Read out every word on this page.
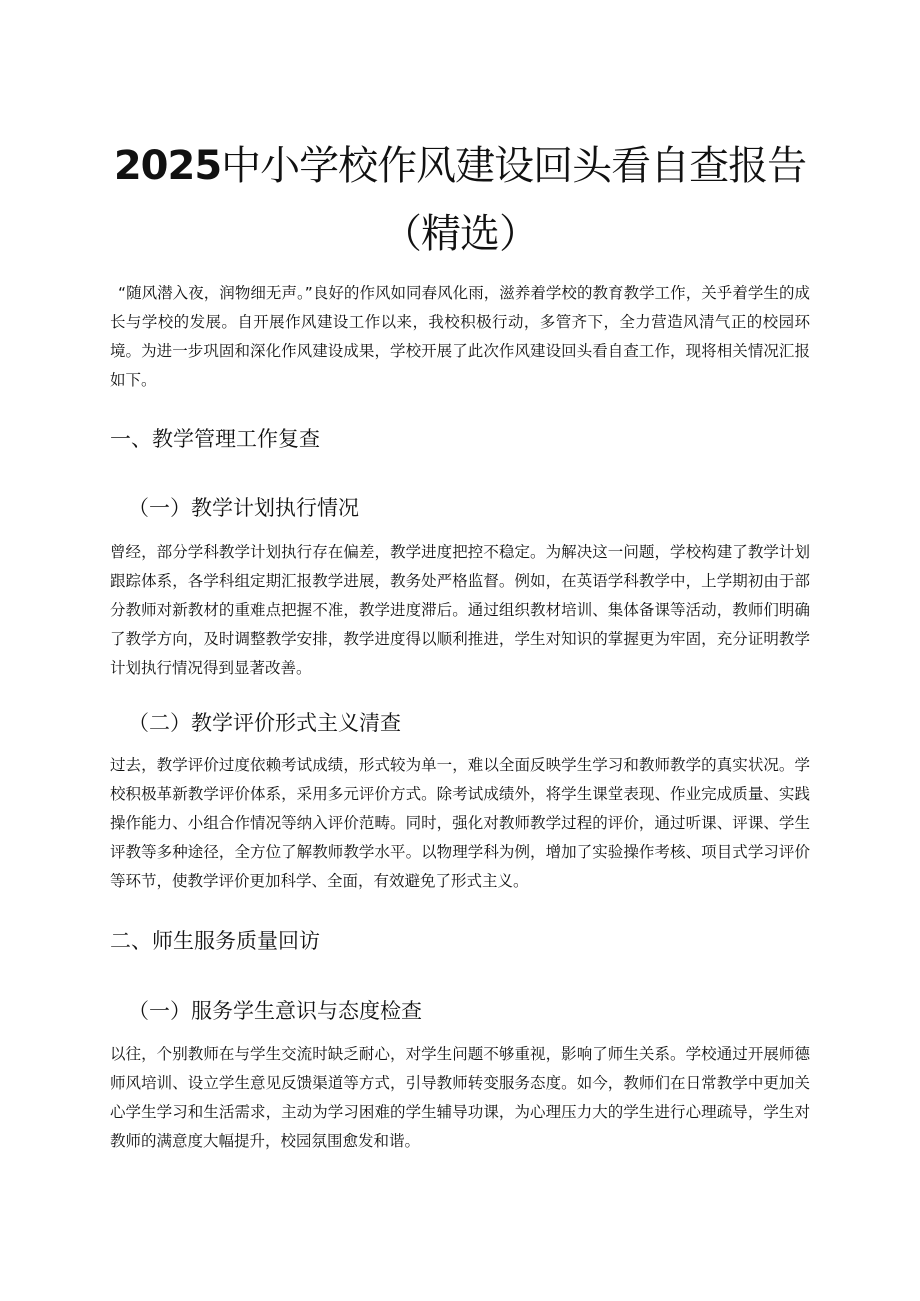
2025中小学校作风建设回头看自查报告
（精选）

“随风潜入夜，润物细无声。”良好的作风如同春风化雨，滋养着学校的教育教学工作，关乎着学生的成长与学校的发展。自开展作风建设工作以来，我校积极行动，多管齐下，全力营造风清气正的校园环境。为进一步巩固和深化作风建设成果，学校开展了此次作风建设回头看自查工作，现将相关情况汇报如下。

一、教学管理工作复查
（一）教学计划执行情况

曾经，部分学科教学计划执行存在偏差，教学进度把控不稳定。为解决这一问题，学校构建了教学计划跟踪体系，各学科组定期汇报教学进展，教务处严格监督。例如，在英语学科教学中，上学期初由于部分教师对新教材的重难点把握不准，教学进度滞后。通过组织教材培训、集体备课等活动，教师们明确了教学方向，及时调整教学安排，教学进度得以顺利推进，学生对知识的掌握更为牢固，充分证明教学计划执行情况得到显著改善。

（二）教学评价形式主义清查

过去，教学评价过度依赖考试成绩，形式较为单一，难以全面反映学生学习和教师教学的真实状况。学校积极革新教学评价体系，采用多元评价方式。除考试成绩外，将学生课堂表现、作业完成质量、实践操作能力、小组合作情况等纳入评价范畴。同时，强化对教师教学过程的评价，通过听课、评课、学生评教等多种途径，全方位了解教师教学水平。以物理学科为例，增加了实验操作考核、项目式学习评价等环节，使教学评价更加科学、全面，有效避免了形式主义。

二、师生服务质量回访
（一）服务学生意识与态度检查

以往，个别教师在与学生交流时缺乏耐心，对学生问题不够重视，影响了师生关系。学校通过开展师德师风培训、设立学生意见反馈渠道等方式，引导教师转变服务态度。如今，教师们在日常教学中更加关心学生学习和生活需求，主动为学习困难的学生辅导功课，为心理压力大的学生进行心理疏导，学生对教师的满意度大幅提升，校园氛围愈发和谐。
